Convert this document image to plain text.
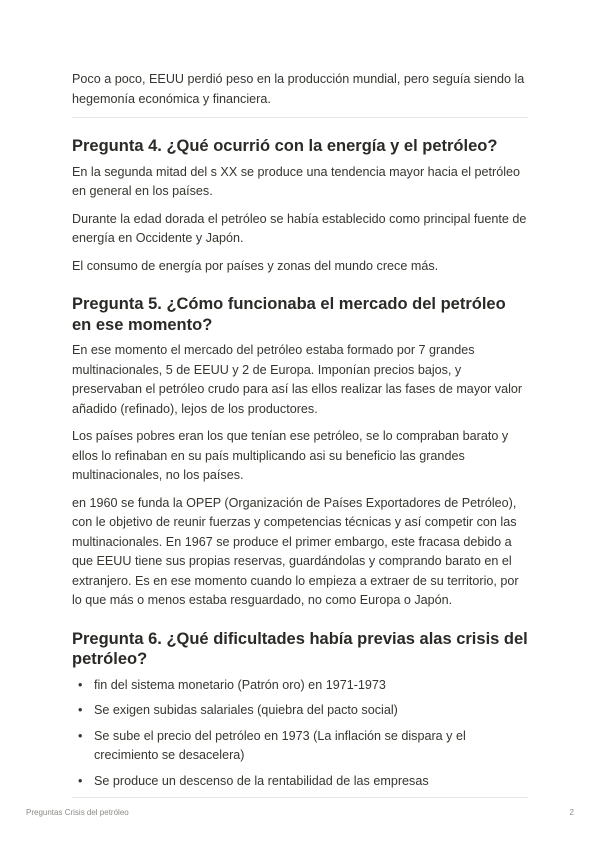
Poco a poco, EEUU perdió peso en la producción mundial, pero seguía siendo la hegemonía económica y financiera.

Pregunta 4. ¿Qué ocurrió con la energía y el petróleo?

En la segunda mitad del s XX se produce una tendencia mayor hacia el petróleo en general en los países.

Durante la edad dorada el petróleo se había establecido como principal fuente de energía en Occidente y Japón.

El consumo de energía por países y zonas del mundo crece más.

Pregunta 5. ¿Cómo funcionaba el mercado del petróleo en ese momento?

En ese momento el mercado del petróleo estaba formado por 7 grandes multinacionales, 5 de EEUU y 2 de Europa. Imponían precios bajos, y preservaban el petróleo crudo para así las ellos realizar las fases de mayor valor añadido (refinado), lejos de los productores.

Los países pobres eran los que tenían ese petróleo, se lo compraban barato y ellos lo refinaban en su país multiplicando asi su beneficio las grandes multinacionales, no los países.

en 1960 se funda la OPEP (Organización de Países Exportadores de Petróleo), con le objetivo de reunir fuerzas y competencias técnicas y así competir con las multinacionales. En 1967 se produce el primer embargo, este fracasa debido a que EEUU tiene sus propias reservas, guardándolas y comprando barato en el extranjero. Es en ese momento cuando lo empieza a extraer de su territorio, por lo que más o menos estaba resguardado, no como Europa o Japón.

Pregunta 6. ¿Qué dificultades había previas alas crisis del petróleo?
• fin del sistema monetario (Patrón oro) en 1971-1973
• Se exigen subidas salariales (quiebra del pacto social)
• Se sube el precio del petróleo en 1973 (La inflación se dispara y el crecimiento se desacelera)
• Se produce un descenso de la rentabilidad de las empresas
Preguntas Crisis del petróleo	2
